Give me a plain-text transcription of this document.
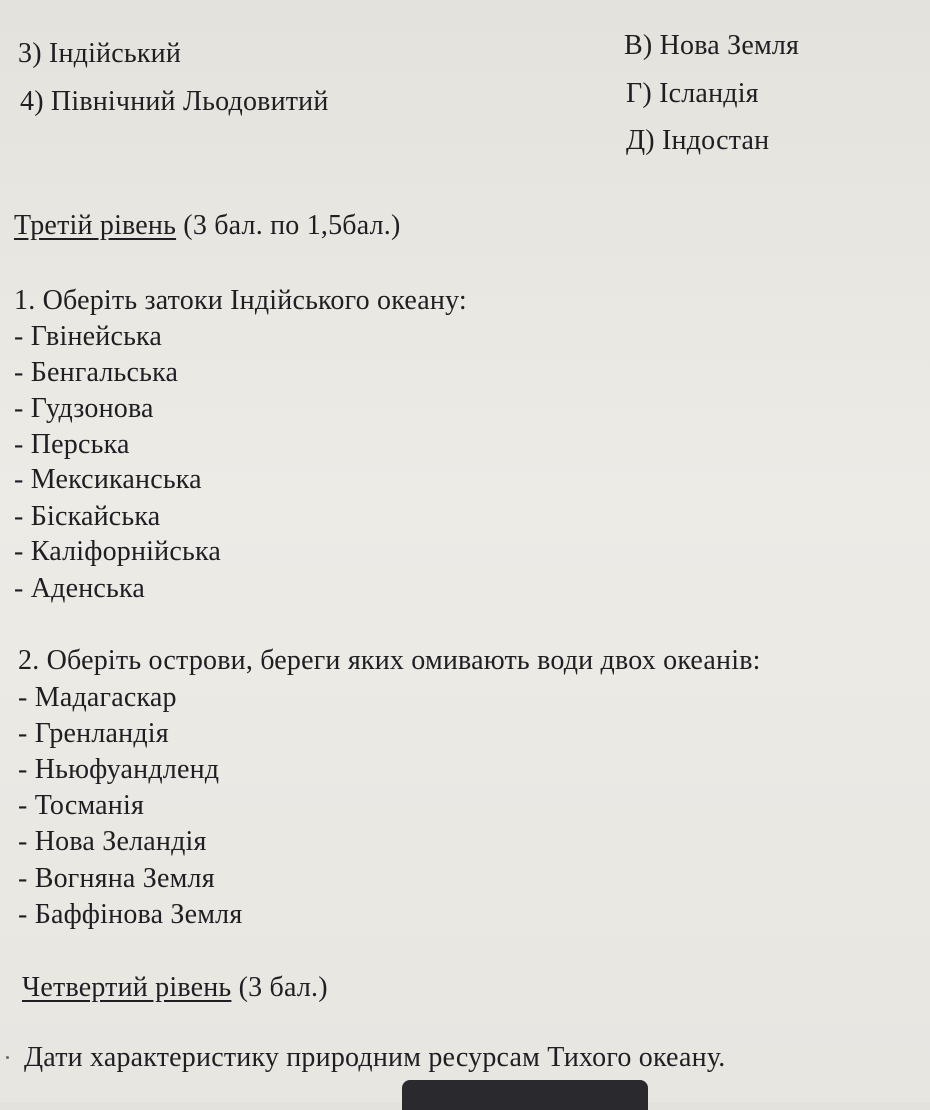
3) Індійський
4) Північний Льодовитий
В) Нова Земля
Г) Ісландія
Д) Індостан
Третій рівень (3 бал. по 1,5бал.)
1. Оберіть затоки Індійського океану:
- Гвінейська
- Бенгальська
- Гудзонова
- Перська
- Мексиканська
- Біскайська
- Каліфорнійська
- Аденська
2. Оберіть острови, береги яких омивають води двох океанів:
- Мадагаскар
- Гренландія
- Ньюфуандленд
- Тосманія
- Нова Зеландія
- Вогняна Земля
- Баффінова Земля
Четвертий рівень (3 бал.)
Дати характеристику природним ресурсам Тихого океану.
